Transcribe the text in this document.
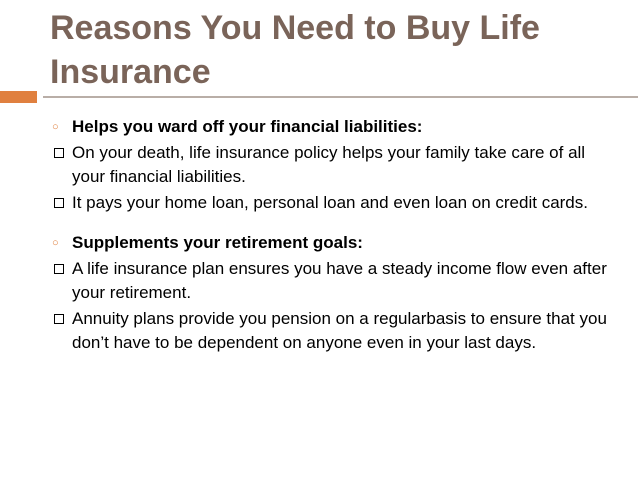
Reasons You Need to Buy Life Insurance
○ Helps you ward off your financial liabilities:
On your death, life insurance policy helps your family take care of all your financial liabilities.
It pays your home loan, personal loan and even loan on credit cards.
○ Supplements your retirement goals:
A life insurance plan ensures you have a steady income flow even after your retirement.
Annuity plans provide you pension on a regularbasis to ensure that you don’t have to be dependent on anyone even in your last days.
